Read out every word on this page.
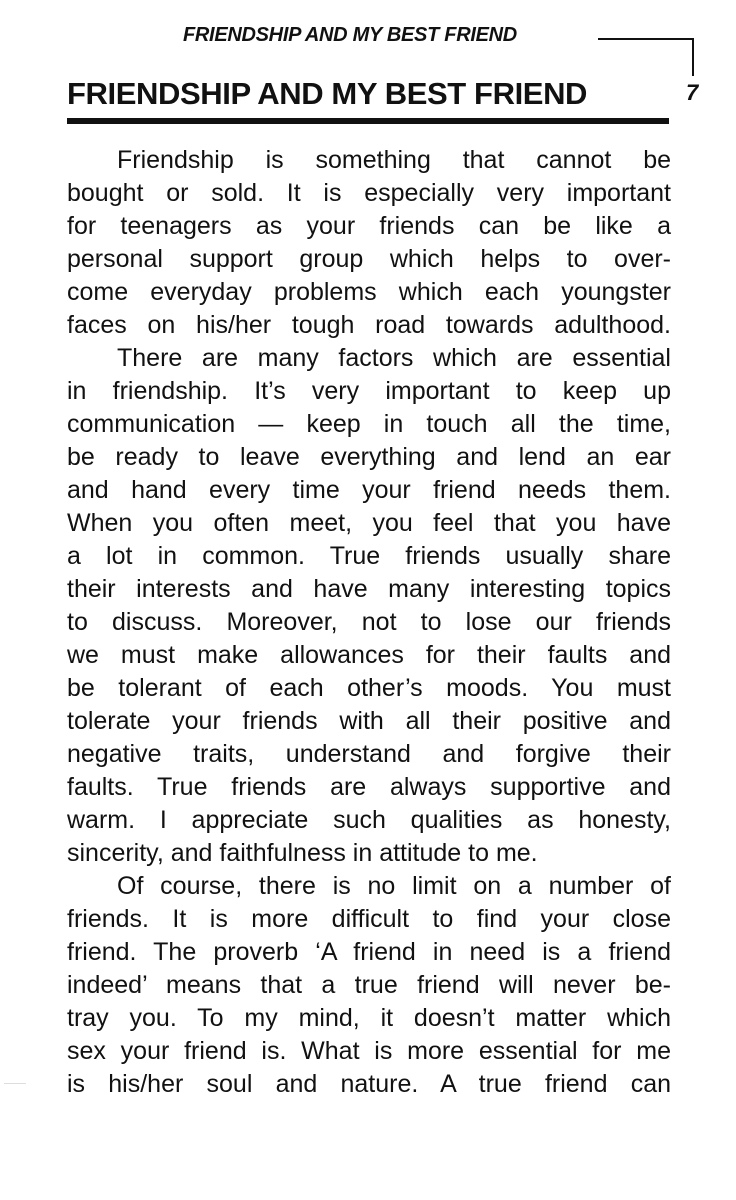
FRIENDSHIP AND MY BEST FRIEND
7
FRIENDSHIP AND MY BEST FRIEND
Friendship is something that cannot be
bought or sold. It is especially very important
for teenagers as your friends can be like a
personal support group which helps to over-
come everyday problems which each youngster
faces on his/her tough road towards adulthood.
There are many factors which are essential
in friendship. It’s very important to keep up
communication — keep in touch all the time,
be ready to leave everything and lend an ear
and hand every time your friend needs them.
When you often meet, you feel that you have
a lot in common. True friends usually share
their interests and have many interesting topics
to discuss. Moreover, not to lose our friends
we must make allowances for their faults and
be tolerant of each other’s moods. You must
tolerate your friends with all their positive and
negative traits, understand and forgive their
faults. True friends are always supportive and
warm. I appreciate such qualities as honesty,
sincerity, and faithfulness in attitude to me.
Of course, there is no limit on a number of
friends. It is more difficult to find your close
friend. The proverb ‘A friend in need is a friend
indeed’ means that a true friend will never be-
tray you. To my mind, it doesn’t matter which
sex your friend is. What is more essential for me
is his/her soul and nature. A true friend can
